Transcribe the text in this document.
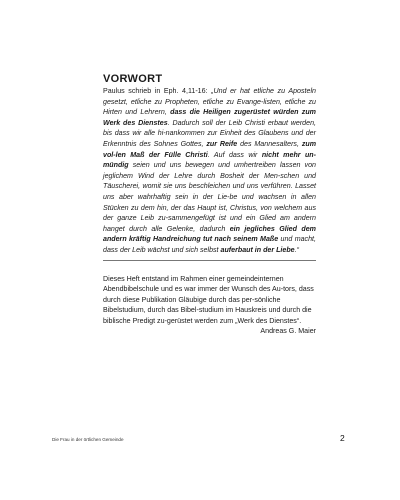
VORWORT

Paulus schrieb in Eph. 4,11-16: „Und er hat etliche zu Aposteln gesetzt, etliche zu Propheten, etliche zu Evange-listen, etliche zu Hirten und Lehrern, dass die Heiligen zugerüstet würden zum Werk des Dienstes. Dadurch soll der Leib Christi erbaut werden, bis dass wir alle hi-nankommen zur Einheit des Glaubens und der Erkenntnis des Sohnes Gottes, zur Reife des Mannesalters, zum vol-len Maß der Fülle Christi. Auf dass wir nicht mehr un-mündig seien und uns bewegen und umhertreiben lassen von jeglichem Wind der Lehre durch Bosheit der Men-schen und Täuscherei, womit sie uns beschleichen und uns verführen. Lasset uns aber wahrhaftig sein in der Lie-be und wachsen in allen Stücken zu dem hin, der das Haupt ist, Christus, von welchem aus der ganze Leib zu-sammengefügt ist und ein Glied am andern hanget durch alle Gelenke, dadurch ein jegliches Glied dem andern kräftig Handreichung tut nach seinem Maße und macht, dass der Leib wächst und sich selbst auferbaut in der Liebe.“

Dieses Heft entstand im Rahmen einer gemeindeinternen Abendbibelschule und es war immer der Wunsch des Au-tors, dass durch diese Publikation Gläubige durch das per-sönliche Bibelstudium, durch das Bibel-studium im Hauskreis und durch die biblische Predigt zu-gerüstet werden zum „Werk des Dienstes“.

Andreas G. Maier

Die Frau in der örtlichen Gemeinde	2
